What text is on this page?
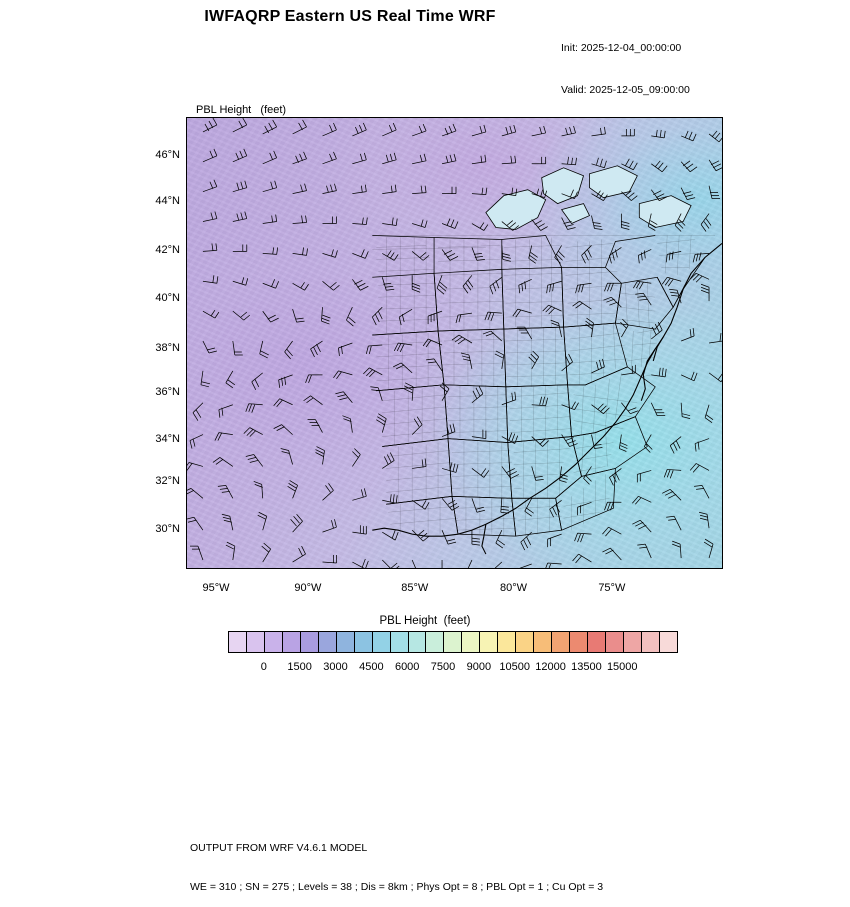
IWFAQRP Eastern US Real Time WRF

Init: 2025-12-04_00:00:00

Valid: 2025-12-05_09:00:00

PBL Height   (feet)

46°N
44°N
42°N
40°N
38°N
36°N
34°N
32°N
30°N
95°W	90°W	85°W	80°W	75°W
PBL Height  (feet)
0 1500 3000 4500 6000 7500 9000 10500 12000 13500 15000

OUTPUT FROM WRF V4.6.1 MODEL

WE = 310 ; SN = 275 ; Levels = 38 ; Dis = 8km ; Phys Opt = 8 ; PBL Opt = 1 ; Cu Opt = 3
